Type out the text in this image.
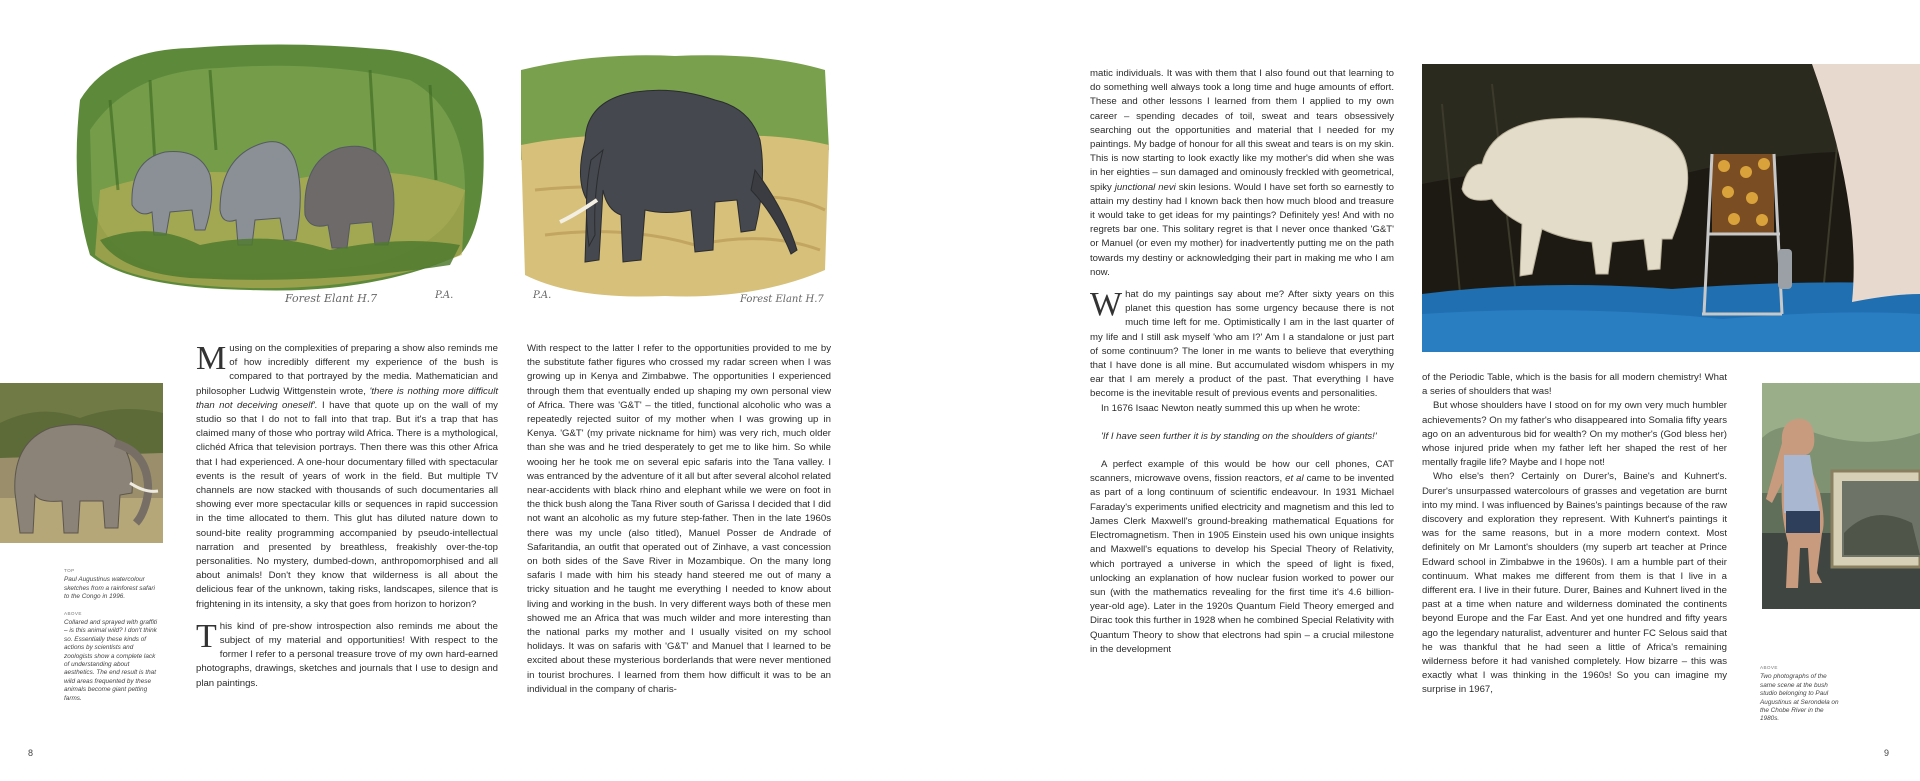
Forest Elant H.7	P.A.	P.A.	Forest Elant H.7

TOP
Paul Augustinus watercolour sketches from a rainforest safari to the Congo in 1996.

ABOVE
Collared and sprayed with graffiti – is this animal wild? I don't think so. Essentially these kinds of actions by scientists and zoologists show a complete lack of understanding about aesthetics. The end result is that wild areas frequented by these animals become giant petting farms.

ABOVE
Two photographs of the same scene at the bush studio belonging to Paul Augustinus at Serondela on the Chobe River in the 1980s.

Musing on the complexities of preparing a show also reminds me of how incredibly different my experience of the bush is compared to that portrayed by the media. Mathematician and philosopher Ludwig Wittgenstein wrote, 'there is nothing more difficult than not deceiving oneself'. I have that quote up on the wall of my studio so that I do not to fall into that trap. But it's a trap that has claimed many of those who portray wild Africa. There is a mythological, clichéd Africa that television portrays. Then there was this other Africa that I had experienced. A one-hour documentary filled with spectacular events is the result of years of work in the field. But multiple TV channels are now stacked with thousands of such documentaries all showing ever more spectacular kills or sequences in rapid succession in the time allocated to them. This glut has diluted nature down to sound-bite reality programming accompanied by pseudo-intellectual narration and presented by breathless, freakishly over-the-top personalities. No mystery, dumbed-down, anthropomorphised and all about animals! Don't they know that wilderness is all about the delicious fear of the unknown, taking risks, landscapes, silence that is frightening in its intensity, a sky that goes from horizon to horizon?

This kind of pre-show introspection also reminds me about the subject of my material and opportunities! With respect to the former I refer to a personal treasure trove of my own hard-earned photographs, drawings, sketches and journals that I use to design and plan paintings.

With respect to the latter I refer to the opportunities provided to me by the substitute father figures who crossed my radar screen when I was growing up in Kenya and Zimbabwe. The opportunities I experienced through them that eventually ended up shaping my own personal view of Africa. There was 'G&T' – the titled, functional alcoholic who was a repeatedly rejected suitor of my mother when I was growing up in Kenya. 'G&T' (my private nickname for him) was very rich, much older than she was and he tried desperately to get me to like him. So while wooing her he took me on several epic safaris into the Tana valley. I was entranced by the adventure of it all but after several alcohol related near-accidents with black rhino and elephant while we were on foot in the thick bush along the Tana River south of Garissa I decided that I did not want an alcoholic as my future step-father. Then in the late 1960s there was my uncle (also titled), Manuel Posser de Andrade of Safaritandia, an outfit that operated out of Zinhave, a vast concession on both sides of the Save River in Mozambique. On the many long safaris I made with him his steady hand steered me out of many a tricky situation and he taught me everything I needed to know about living and working in the bush. In very different ways both of these men showed me an Africa that was much wilder and more interesting than the national parks my mother and I usually visited on my school holidays. It was on safaris with 'G&T' and Manuel that I learned to be excited about these mysterious borderlands that were never mentioned in tourist brochures. I learned from them how difficult it was to be an individual in the company of charis-

matic individuals. It was with them that I also found out that learning to do something well always took a long time and huge amounts of effort. These and other lessons I learned from them I applied to my own career – spending decades of toil, sweat and tears obsessively searching out the opportunities and material that I needed for my paintings. My badge of honour for all this sweat and tears is on my skin. This is now starting to look exactly like my mother's did when she was in her eighties – sun damaged and ominously freckled with geometrical, spiky junctional nevi skin lesions. Would I have set forth so earnestly to attain my destiny had I known back then how much blood and treasure it would take to get ideas for my paintings? Definitely yes! And with no regrets bar one. This solitary regret is that I never once thanked 'G&T' or Manuel (or even my mother) for inadvertently putting me on the path towards my destiny or acknowledging their part in making me who I am now.

What do my paintings say about me? After sixty years on this planet this question has some urgency because there is not much time left for me. Optimistically I am in the last quarter of my life and I still ask myself 'who am I?' Am I a standalone or just part of some continuum? The loner in me wants to believe that everything that I have done is all mine. But accumulated wisdom whispers in my ear that I am merely a product of the past. That everything I have become is the inevitable result of previous events and personalities.

In 1676 Isaac Newton neatly summed this up when he wrote:

'If I have seen further it is by standing on the shoulders of giants!'

A perfect example of this would be how our cell phones, CAT scanners, microwave ovens, fission reactors, et al came to be invented as part of a long continuum of scientific endeavour. In 1931 Michael Faraday's experiments unified electricity and magnetism and this led to James Clerk Maxwell's ground-breaking mathematical Equations for Electromagnetism. Then in 1905 Einstein used his own unique insights and Maxwell's equations to develop his Special Theory of Relativity, which portrayed a universe in which the speed of light is fixed, unlocking an explanation of how nuclear fusion worked to power our sun (with the mathematics revealing for the first time it's 4.6 billion-year-old age). Later in the 1920s Quantum Field Theory emerged and Dirac took this further in 1928 when he combined Special Relativity with Quantum Theory to show that electrons had spin – a crucial milestone in the development

of the Periodic Table, which is the basis for all modern chemistry! What a series of shoulders that was!

But whose shoulders have I stood on for my own very much humbler achievements? On my father's who disappeared into Somalia fifty years ago on an adventurous bid for wealth? On my mother's (God bless her) whose injured pride when my father left her shaped the rest of her mentally fragile life? Maybe and I hope not!

Who else's then? Certainly on Durer's, Baine's and Kuhnert's. Durer's unsurpassed watercolours of grasses and vegetation are burnt into my mind. I was influenced by Baines's paintings because of the raw discovery and exploration they represent. With Kuhnert's paintings it was for the same reasons, but in a more modern context. Most definitely on Mr Lamont's shoulders (my superb art teacher at Prince Edward school in Zimbabwe in the 1960s). I am a humble part of their continuum. What makes me different from them is that I live in a different era. I live in their future. Durer, Baines and Kuhnert lived in the past at a time when nature and wilderness dominated the continents beyond Europe and the Far East. And yet one hundred and fifty years ago the legendary naturalist, adventurer and hunter FC Selous said that he was thankful that he had seen a little of Africa's remaining wilderness before it had vanished completely. How bizarre – this was exactly what I was thinking in the 1960s! So you can imagine my surprise in 1967,

8	9
